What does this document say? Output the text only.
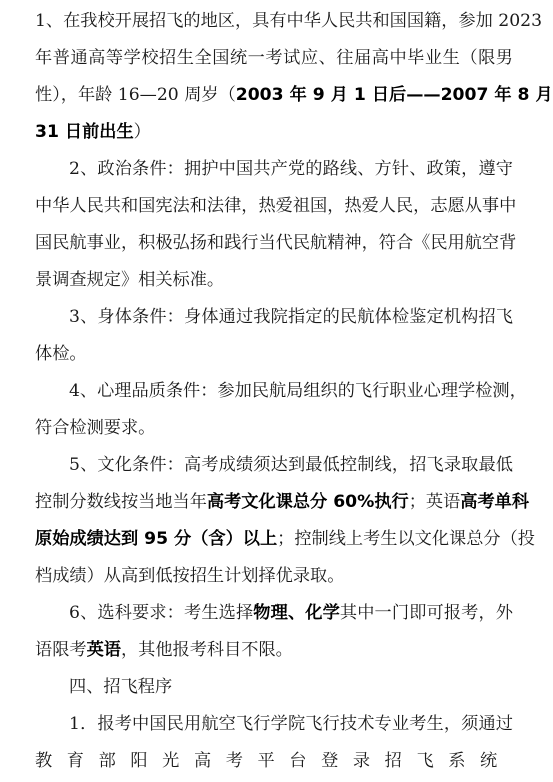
1、在我校开展招飞的地区，具有中华人民共和国国籍，参加 2023
年普通高等学校招生全国统一考试应、往届高中毕业生（限男
性），年龄 16—20 周岁（2003 年 9 月 1 日后——2007 年 8 月
31 日前出生）
2、政治条件：拥护中国共产党的路线、方针、政策，遵守
中华人民共和国宪法和法律，热爱祖国，热爱人民，志愿从事中
国民航事业，积极弘扬和践行当代民航精神，符合《民用航空背
景调查规定》相关标准。
3、身体条件：身体通过我院指定的民航体检鉴定机构招飞
体检。
4、心理品质条件：参加民航局组织的飞行职业心理学检测，
符合检测要求。
5、文化条件：高考成绩须达到最低控制线，招飞录取最低
控制分数线按当地当年高考文化课总分 60%执行；英语高考单科
原始成绩达到 95 分（含）以上；控制线上考生以文化课总分（投
档成绩）从高到低按招生计划择优录取。
6、选科要求：考生选择物理、化学其中一门即可报考，外
语限考英语，其他报考科目不限。
四、招飞程序
1．报考中国民用航空飞行学院飞行技术专业考生，须通过
教育部阳光高考平台登录招飞系统
